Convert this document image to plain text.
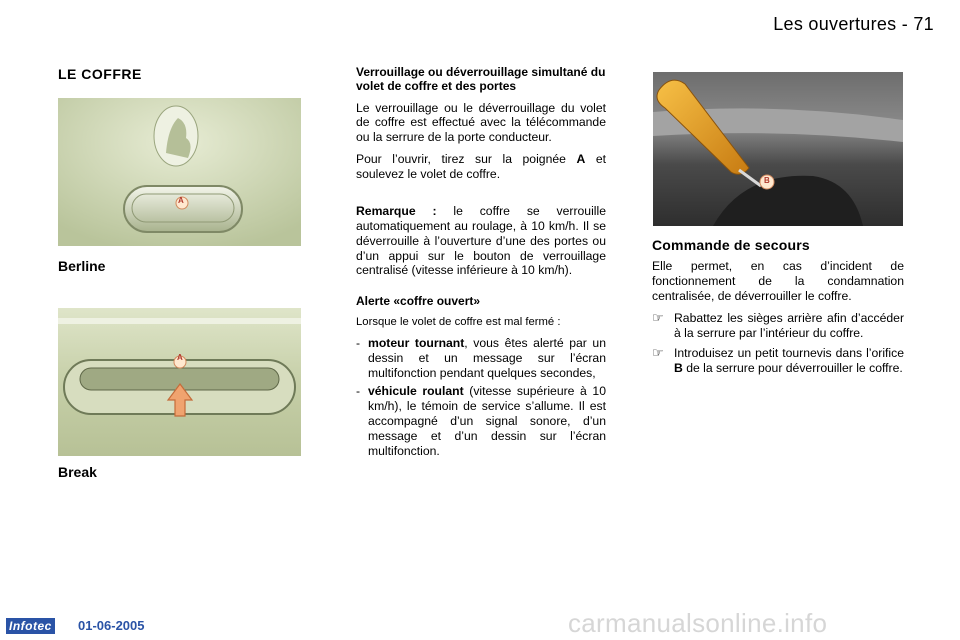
Les ouvertures - 71
LE COFFRE
A
Berline
A
Break

Verrouillage ou déverrouillage simultané du volet de coffre et des portes

Le verrouillage ou le déverrouillage du volet de coffre est effectué avec la télécommande ou la serrure de la porte conducteur.

Pour l’ouvrir, tirez sur la poignée A et soulevez le volet de coffre.

Remarque : le coffre se verrouille automatiquement au roulage, à 10 km/h. Il se déverrouille à l’ouverture d’une des portes ou d’un appui sur le bouton de verrouillage centralisé (vitesse inférieure à 10 km/h).

Alerte «coffre ouvert»

Lorsque le volet de coffre est mal fermé :

- moteur tournant, vous êtes alerté par un dessin et un message sur l’écran multifonction pendant quelques secondes,
- véhicule roulant (vitesse supérieure à 10 km/h), le témoin de service s’allume. Il est accompagné d’un signal sonore, d’un message et d’un dessin sur l’écran multifonction.
B
Commande de secours

Elle permet, en cas d’incident de fonctionnement de la condamnation centralisée, de déverrouiller le coffre.

☞ Rabattez les sièges arrière afin d’accéder à la serrure par l’intérieur du coffre.
☞ Introduisez un petit tournevis dans l’orifice B de la serrure pour déverrouiller le coffre.
Infotec 01-06-2005	carmanualsonline.info
